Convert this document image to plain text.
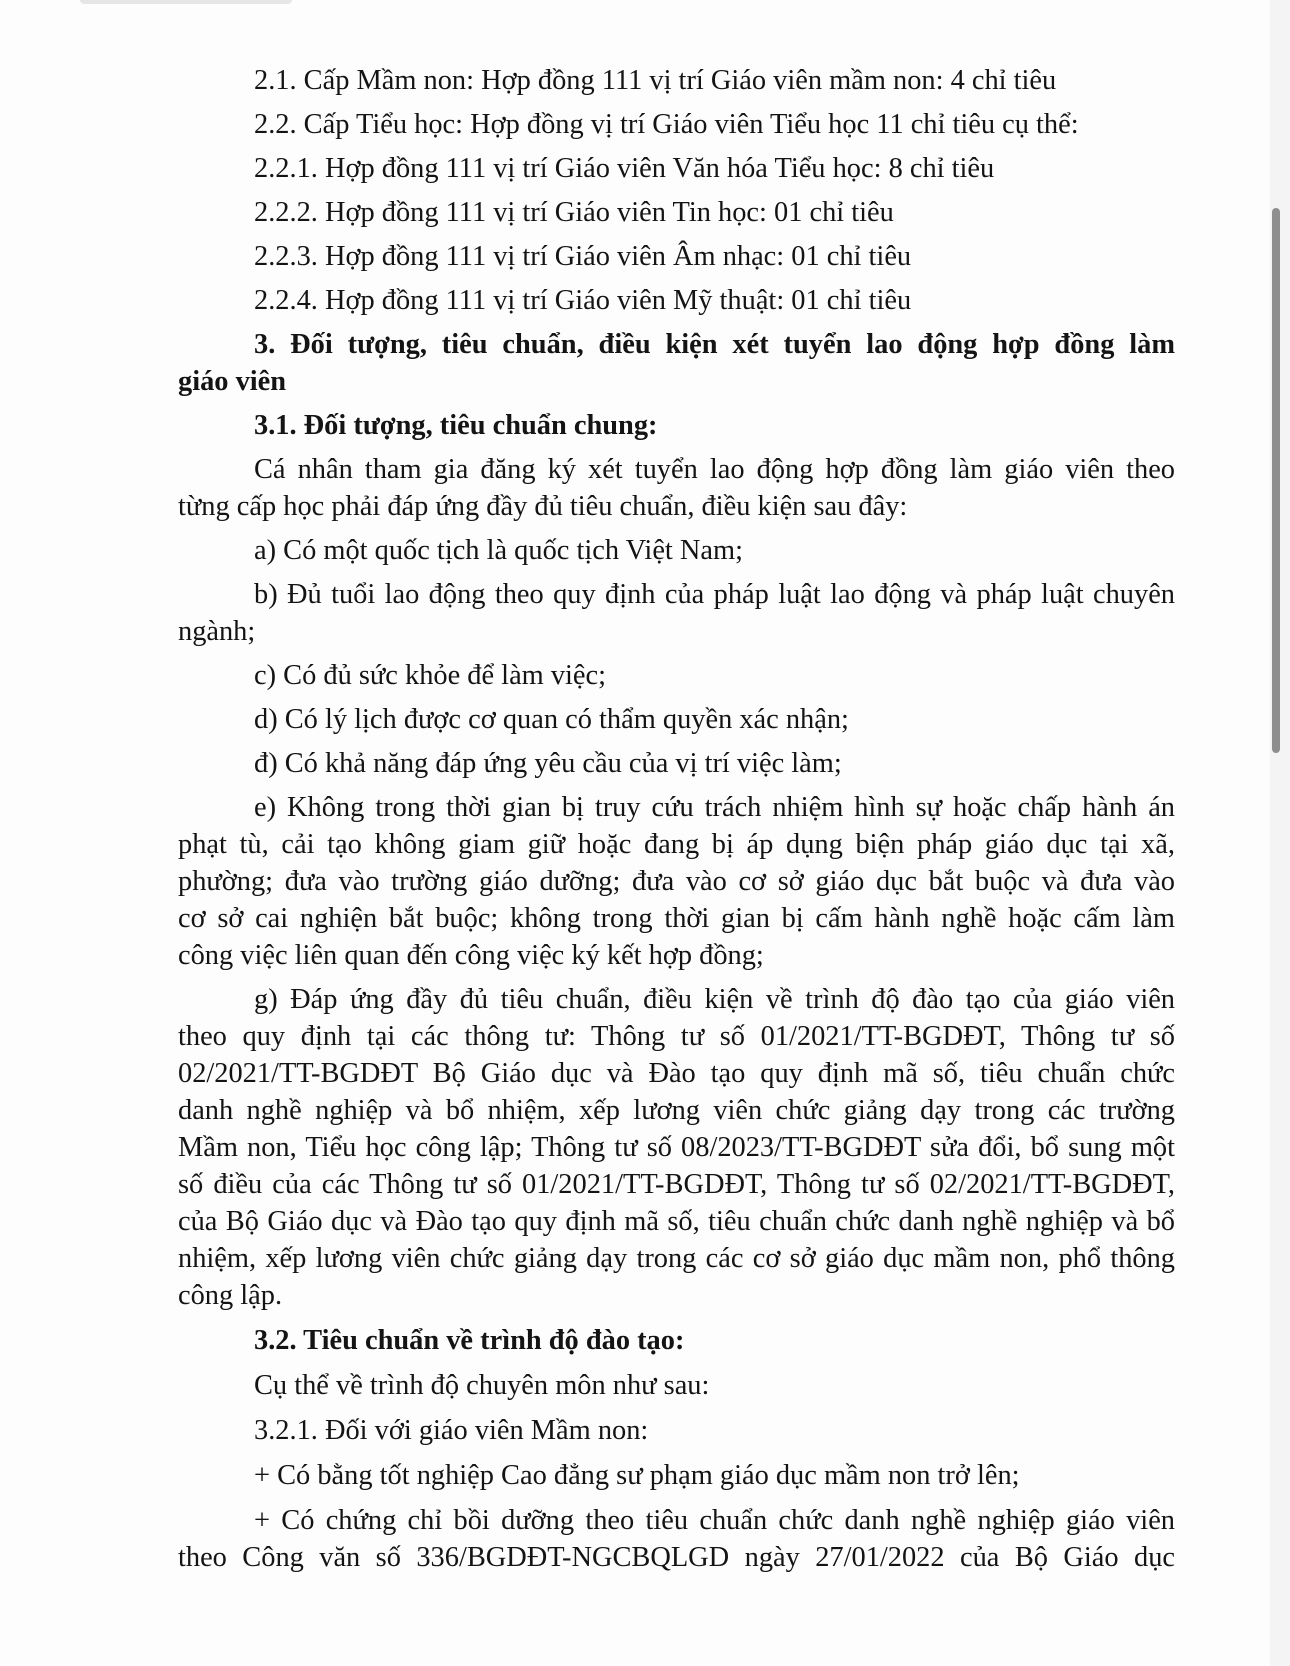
2.1. Cấp Mầm non: Hợp đồng 111 vị trí Giáo viên mầm non: 4 chỉ tiêu
2.2. Cấp Tiểu học: Hợp đồng vị trí Giáo viên Tiểu học 11 chỉ tiêu cụ thể:
2.2.1. Hợp đồng 111 vị trí Giáo viên Văn hóa Tiểu học: 8 chỉ tiêu
2.2.2. Hợp đồng 111 vị trí Giáo viên Tin học: 01 chỉ tiêu
2.2.3. Hợp đồng 111 vị trí Giáo viên Âm nhạc: 01 chỉ tiêu
2.2.4. Hợp đồng 111 vị trí Giáo viên Mỹ thuật: 01 chỉ tiêu
3. Đối tượng, tiêu chuẩn, điều kiện xét tuyển lao động hợp đồng làm
giáo viên
3.1. Đối tượng, tiêu chuẩn chung:
Cá nhân tham gia đăng ký xét tuyển lao động hợp đồng làm giáo viên theo
từng cấp học phải đáp ứng đầy đủ tiêu chuẩn, điều kiện sau đây:
a) Có một quốc tịch là quốc tịch Việt Nam;
b) Đủ tuổi lao động theo quy định của pháp luật lao động và pháp luật chuyên
ngành;
c) Có đủ sức khỏe để làm việc;
d) Có lý lịch được cơ quan có thẩm quyền xác nhận;
đ) Có khả năng đáp ứng yêu cầu của vị trí việc làm;
e) Không trong thời gian bị truy cứu trách nhiệm hình sự hoặc chấp hành án
phạt tù, cải tạo không giam giữ hoặc đang bị áp dụng biện pháp giáo dục tại xã,
phường; đưa vào trường giáo dưỡng; đưa vào cơ sở giáo dục bắt buộc và đưa vào
cơ sở cai nghiện bắt buộc; không trong thời gian bị cấm hành nghề hoặc cấm làm
công việc liên quan đến công việc ký kết hợp đồng;
g) Đáp ứng đầy đủ tiêu chuẩn, điều kiện về trình độ đào tạo của giáo viên
theo quy định tại các thông tư: Thông tư số 01/2021/TT-BGDĐT, Thông tư số
02/2021/TT-BGDĐT Bộ Giáo dục và Đào tạo quy định mã số, tiêu chuẩn chức
danh nghề nghiệp và bổ nhiệm, xếp lương viên chức giảng dạy trong các trường
Mầm non, Tiểu học công lập; Thông tư số 08/2023/TT-BGDĐT sửa đổi, bổ sung một
số điều của các Thông tư số 01/2021/TT-BGDĐT, Thông tư số 02/2021/TT-BGDĐT,
của Bộ Giáo dục và Đào tạo quy định mã số, tiêu chuẩn chức danh nghề nghiệp và bổ
nhiệm, xếp lương viên chức giảng dạy trong các cơ sở giáo dục mầm non, phổ thông
công lập.
3.2. Tiêu chuẩn về trình độ đào tạo:
Cụ thể về trình độ chuyên môn như sau:
3.2.1. Đối với giáo viên Mầm non:
+ Có bằng tốt nghiệp Cao đẳng sư phạm giáo dục mầm non trở lên;
+ Có chứng chỉ bồi dưỡng theo tiêu chuẩn chức danh nghề nghiệp giáo viên
theo Công văn số 336/BGDĐT-NGCBQLGD ngày 27/01/2022 của Bộ Giáo dục
